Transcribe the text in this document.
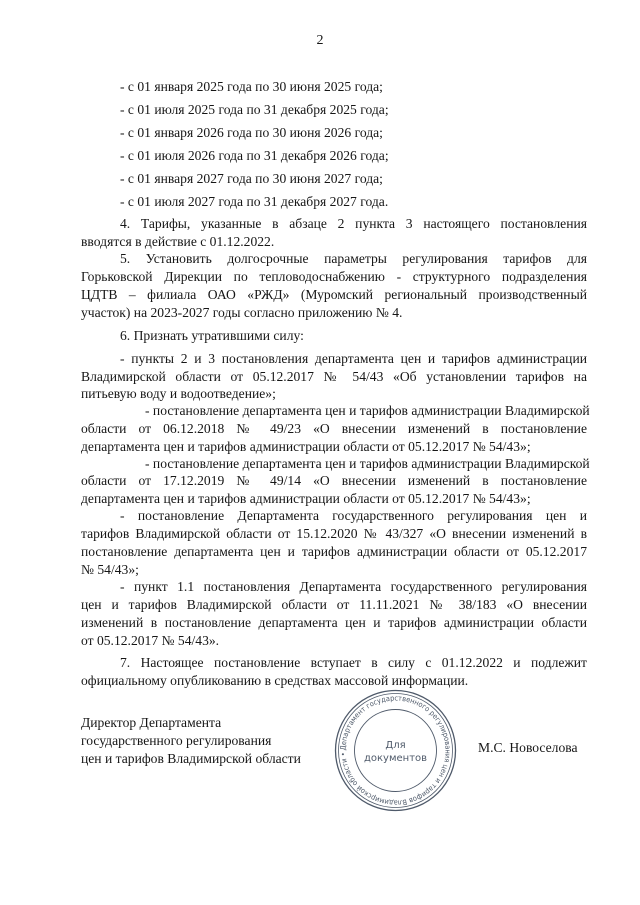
2
- с 01 января 2025 года по 30 июня 2025 года;
- с 01 июля 2025 года по 31 декабря 2025 года;
- с 01 января 2026 года по 30 июня 2026 года;
- с 01 июля 2026 года по 31 декабря 2026 года;
- с 01 января 2027 года по 30 июня 2027 года;
- с 01 июля 2027 года по 31 декабря 2027 года.
4. Тарифы, указанные в абзаце 2 пункта 3 настоящего постановления
вводятся в действие с 01.12.2022.
5. Установить долгосрочные параметры регулирования тарифов для
Горьковской Дирекции по тепловодоснабжению - структурного подразделения
ЦДТВ – филиала ОАО «РЖД» (Муромский региональный производственный
участок) на 2023-2027 годы согласно приложению № 4.
6. Признать утратившими силу:
- пункты 2 и 3 постановления департамента цен и тарифов администрации
Владимирской области от 05.12.2017 № 54/43 «Об установлении тарифов на
питьевую воду и водоотведение»;
- постановление департамента цен и тарифов администрации Владимирской
области от 06.12.2018 № 49/23 «О внесении изменений в постановление
департамента цен и тарифов администрации области от 05.12.2017 № 54/43»;
- постановление департамента цен и тарифов администрации Владимирской
области от 17.12.2019 № 49/14 «О внесении изменений в постановление
департамента цен и тарифов администрации области от 05.12.2017 № 54/43»;
- постановление Департамента государственного регулирования цен и
тарифов Владимирской области от 15.12.2020 № 43/327 «О внесении изменений в
постановление департамента цен и тарифов администрации области от 05.12.2017
№ 54/43»;
- пункт 1.1 постановления Департамента государственного регулирования
цен и тарифов Владимирской области от 11.11.2021 № 38/183 «О внесении
изменений в постановление департамента цен и тарифов администрации области
от 05.12.2017 № 54/43».
7. Настоящее постановление вступает в силу с 01.12.2022 и подлежит
официальному опубликованию в средствах массовой информации.
Директор Департамента
государственного регулирования
цен и тарифов Владимирской области
М.С. Новоселова
Департамент государственного регулирования цен и тарифов Владимирской области •
Для
документов
